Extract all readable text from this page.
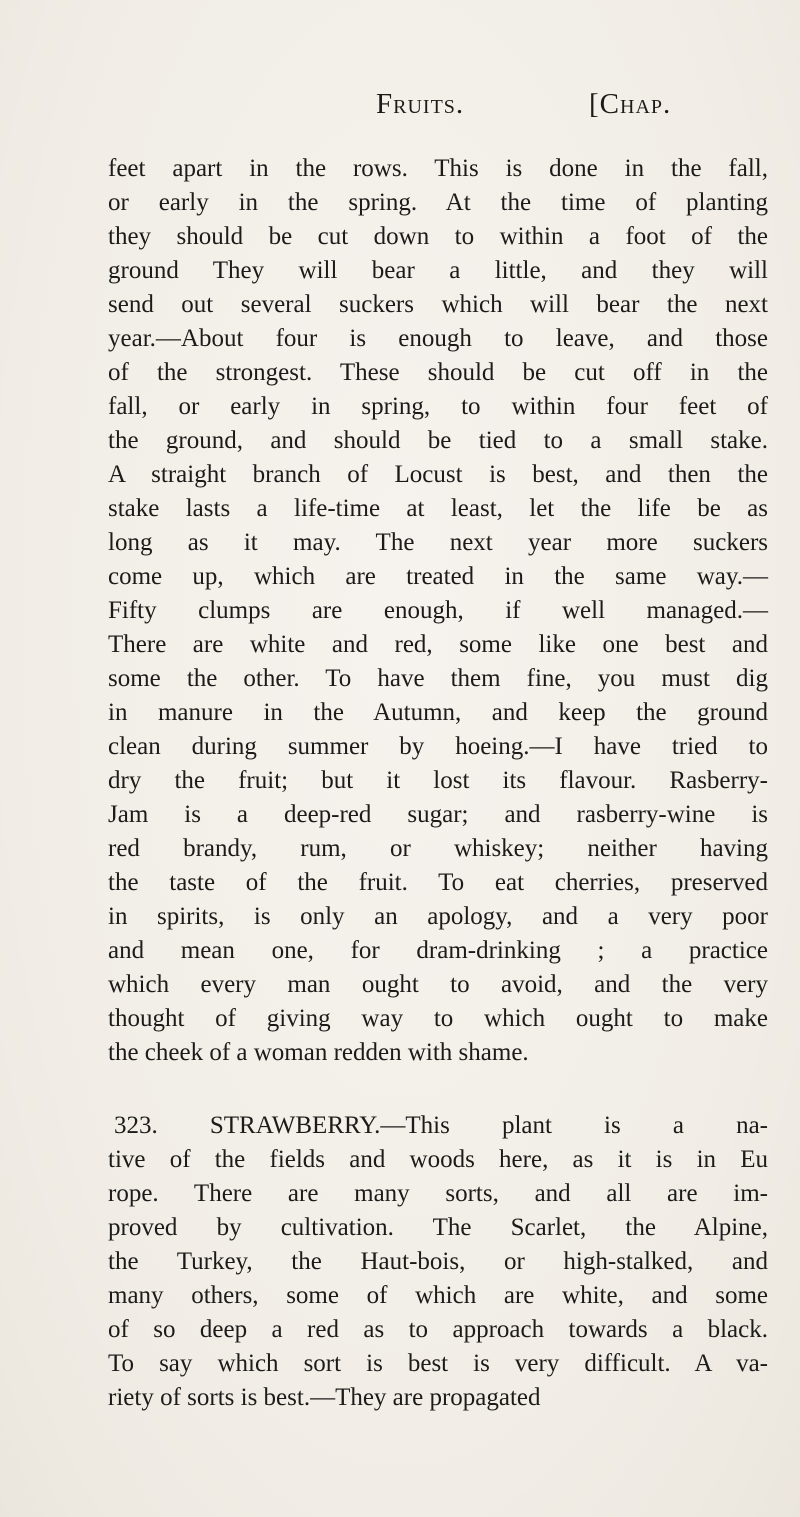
Fruits.	[Chap.
feet apart in the rows. This is done in the fall,
or early in the spring. At the time of planting
they should be cut down to within a foot of the
ground They will bear a little, and they will
send out several suckers which will bear the next
year.—About four is enough to leave, and those
of the strongest. These should be cut off in the
fall, or early in spring, to within four feet of
the ground, and should be tied to a small stake.
A straight branch of Locust is best, and then the
stake lasts a life-time at least, let the life be as
long as it may. The next year more suckers
come up, which are treated in the same way.—
Fifty clumps are enough, if well managed.—
There are white and red, some like one best and
some the other. To have them fine, you must dig
in manure in the Autumn, and keep the ground
clean during summer by hoeing.—I have tried to
dry the fruit; but it lost its flavour. Rasberry-
Jam is a deep-red sugar; and rasberry-wine is
red brandy, rum, or whiskey; neither having
the taste of the fruit. To eat cherries, preserved
in spirits, is only an apology, and a very poor
and mean one, for dram-drinking ; a practice
which every man ought to avoid, and the very
thought of giving way to which ought to make
the cheek of a woman redden with shame.
323. STRAWBERRY.—This plant is a na-
tive of the fields and woods here, as it is in Eu
rope. There are many sorts, and all are im-
proved by cultivation. The Scarlet, the Alpine,
the Turkey, the Haut-bois, or high-stalked, and
many others, some of which are white, and some
of so deep a red as to approach towards a black.
To say which sort is best is very difficult. A va-
riety of sorts is best.—They are propagated
